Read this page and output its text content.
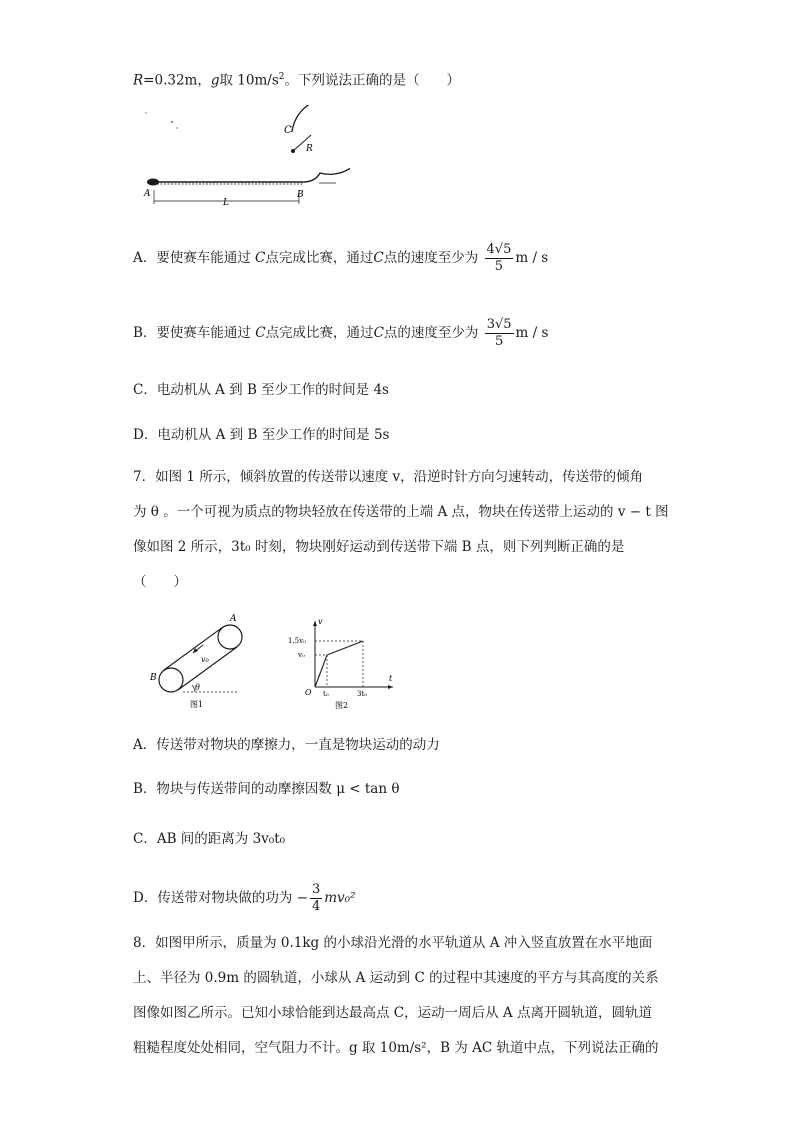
R=0.32m，g取 $10m/s^2$。下列说法正确的是（　　）
C
R
A	B
L
A．要使赛车能通过 C点完成比赛，通过C点的速度至少为 $\frac{4√5}{5}$ m / s
B．要使赛车能通过 C点完成比赛，通过C点的速度至少为 $\frac{3√5}{5}$ m / s
C．电动机从 A 到 B 至少工作的时间是 4s
D．电动机从 A 到 B 至少工作的时间是 5s
7．如图 1 所示，倾斜放置的传送带以速度 v，沿逆时针方向匀速转动，传送带的倾角
为 θ 。一个可视为质点的物块轻放在传送带的上端 A 点，物块在传送带上运动的 v − t 图
像如图 2 所示，3t₀ 时刻，物块刚好运动到传送带下端 B 点，则下列判断正确的是
（　　）
A
B
v₀
θ
图1
v
t
O
1.5v₀
v₀
t₀	3t₀
图2
A．传送带对物块的摩擦力，一直是物块运动的动力
B．物块与传送带间的动摩擦因数 μ < tan θ
C．AB 间的距离为 3v₀t₀
D．传送带对物块做的功为 − $\frac{3}{4} mv_0^2$
8．如图甲所示，质量为 0.1kg 的小球沿光滑的水平轨道从 A 冲入竖直放置在水平地面
上、半径为 0.9m 的圆轨道，小球从 A 运动到 C 的过程中其速度的平方与其高度的关系
图像如图乙所示。已知小球恰能到达最高点 C，运动一周后从 A 点离开圆轨道，圆轨道
粗糙程度处处相同，空气阻力不计。g 取 10m/s²，B 为 AC 轨道中点，下列说法正确的
